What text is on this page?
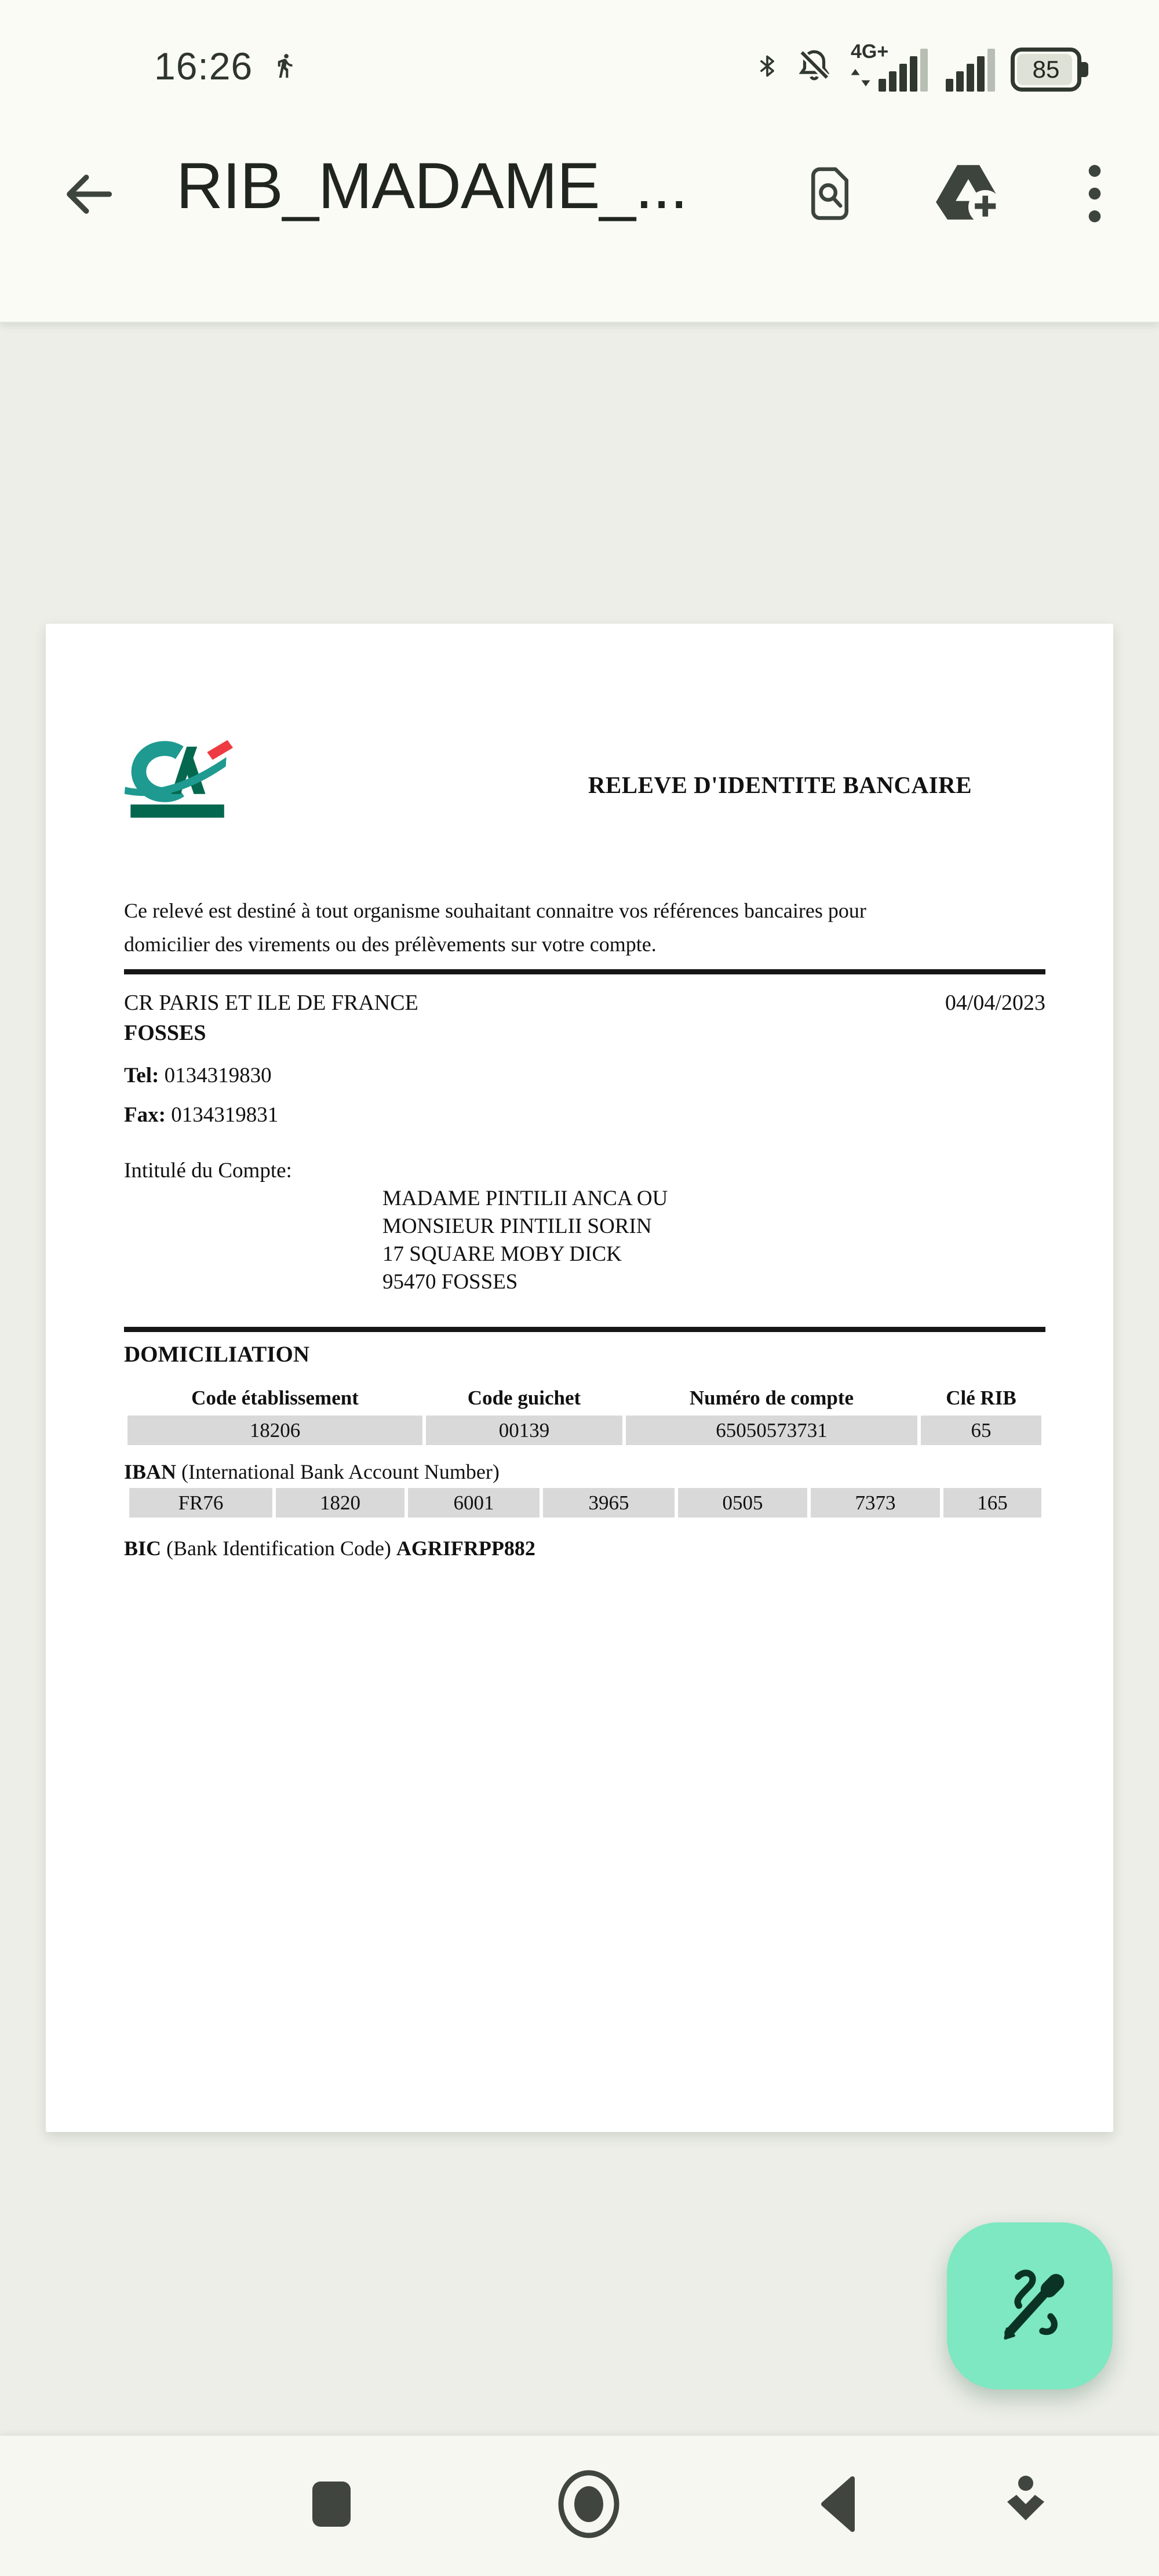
16:26	4G+
85
RIB_MADAME_...
RELEVE D'IDENTITE BANCAIRE
Ce relevé est destiné à tout organisme souhaitant connaitre vos références bancaires pour
domicilier des virements ou des prélèvements sur votre compte.
CR PARIS ET ILE DE FRANCE	04/04/2023
FOSSES
Tel: 0134319830
Fax: 0134319831
Intitulé du Compte:
MADAME PINTILII ANCA OU
MONSIEUR PINTILII SORIN
17 SQUARE MOBY DICK
95470 FOSSES
DOMICILIATION
Code établissement	Code guichet	Numéro de compte	Clé RIB
18206	00139	65050573731	65
IBAN (International Bank Account Number)
FR76	1820	6001	3965	0505	7373	165
BIC (Bank Identification Code) AGRIFRPP882
